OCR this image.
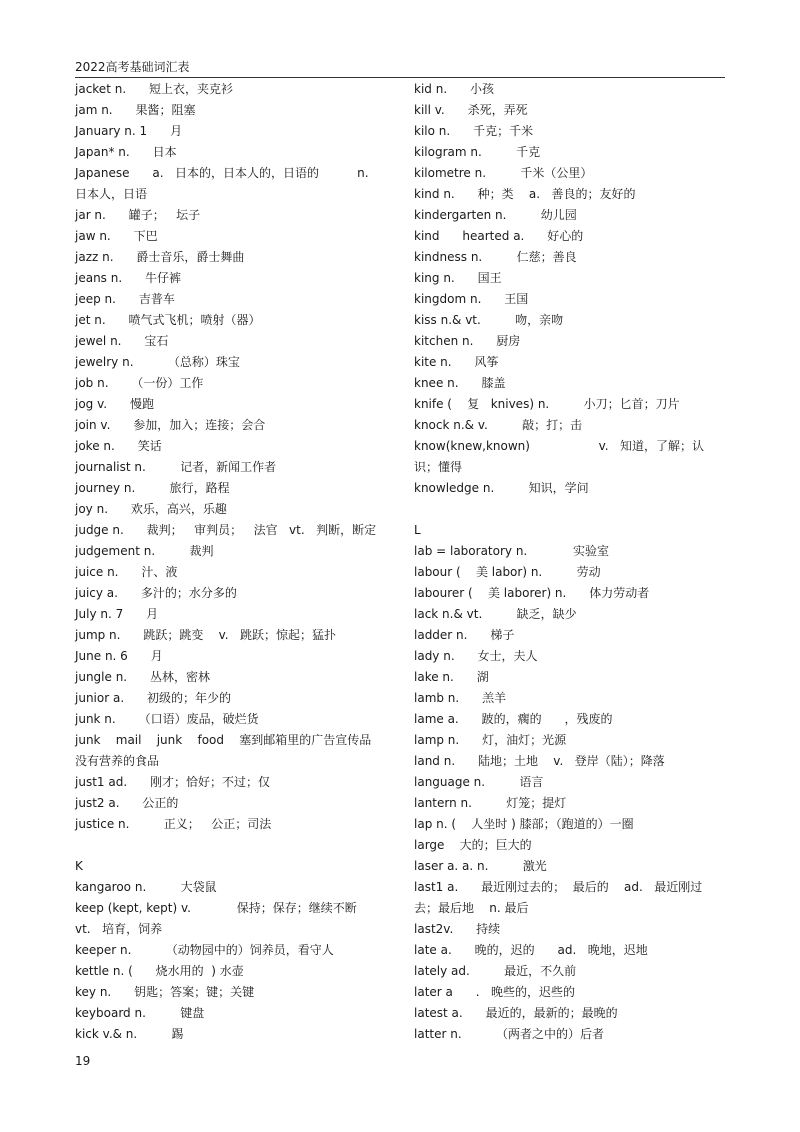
2022高考基础词汇表
jacket n.      短上衣，夹克衫
jam n.      果酱；阻塞
January n. 1      月
Japan* n.      日本
Japanese      a.   日本的，日本人的，日语的          n.   日本人，日语
jar n.      罐子；   坛子
jaw n.      下巴
jazz n.      爵士音乐，爵士舞曲
jeans n.      牛仔裤
jeep n.      吉普车
jet n.      喷气式飞机；喷射（器）
jewel n.      宝石
jewelry n.         （总称）珠宝
job n.      （一份）工作
jog v.      慢跑
join v.      参加，加入；连接；会合
joke n.      笑话
journalist n.         记者，新闻工作者
journey n.         旅行，路程
joy n.      欢乐，高兴，乐趣
judge n.      裁判；   审判员；   法官   vt.   判断，断定
judgement n.         裁判
juice n.      汁、液
juicy a.      多汁的；水分多的
July n. 7      月
jump n.      跳跃；跳变    v.   跳跃；惊起；猛扑
June n. 6      月
jungle n.      丛林，密林
junior a.      初级的；年少的
junk n.      （口语）废品，破烂货
junk    mail    junk    food    塞到邮箱里的广告宣传品  没有营养的食品
just1 ad.      刚才；恰好；不过；仅
just2 a.      公正的
justice n.         正义；   公正；司法
K
kangaroo n.         大袋鼠
keep (kept, kept) v.            保持；保存；继续不断
vt.   培育，饲养
keeper n.         （动物园中的）饲养员，看守人
kettle n. (      烧水用的  ) 水壶
key n.      钥匙；答案；键；关键
keyboard n.         键盘
kick v.& n.         踢
kid n.      小孩
kill v.      杀死，弄死
kilo n.      千克；千米
kilogram n.         千克
kilometre n.         千米（公里）
kind n.      种；类    a.   善良的；友好的
kindergarten n.         幼儿园
kind      hearted a.      好心的
kindness n.         仁慈；善良
king n.      国王
kingdom n.      王国
kiss n.& vt.         吻，亲吻
kitchen n.      厨房
kite n.      风筝
knee n.      膝盖
knife (    复   knives) n.         小刀；匕首；刀片
knock n.& v.         敲；打；击
know(knew,known)                  v.   知道，了解；认识；懂得
knowledge n.         知识，学问
L
lab = laboratory n.            实验室
labour (    美 labor) n.         劳动
labourer (    美 laborer) n.      体力劳动者
lack n.& vt.         缺乏，缺少
ladder n.      梯子
lady n.      女士，夫人
lake n.      湖
lamb n.      羔羊
lame a.      跛的，瘸的      ，残废的
lamp n.      灯，油灯；光源
land n.      陆地；土地    v.   登岸（陆）；降落
language n.         语言
lantern n.         灯笼；提灯
lap n. (    人坐时 ) 膝部；（跑道的）一圈
large    大的；巨大的
laser a. a. n.         激光
last1 a.      最近刚过去的；  最后的    ad.   最近刚过去；最后地    n. 最后
last2v.      持续
late a.      晚的，迟的      ad.   晚地，迟地
lately ad.         最近，不久前
later a      .   晚些的，迟些的
latest a.      最近的，最新的；最晚的
latter n.         （两者之中的）后者
19
